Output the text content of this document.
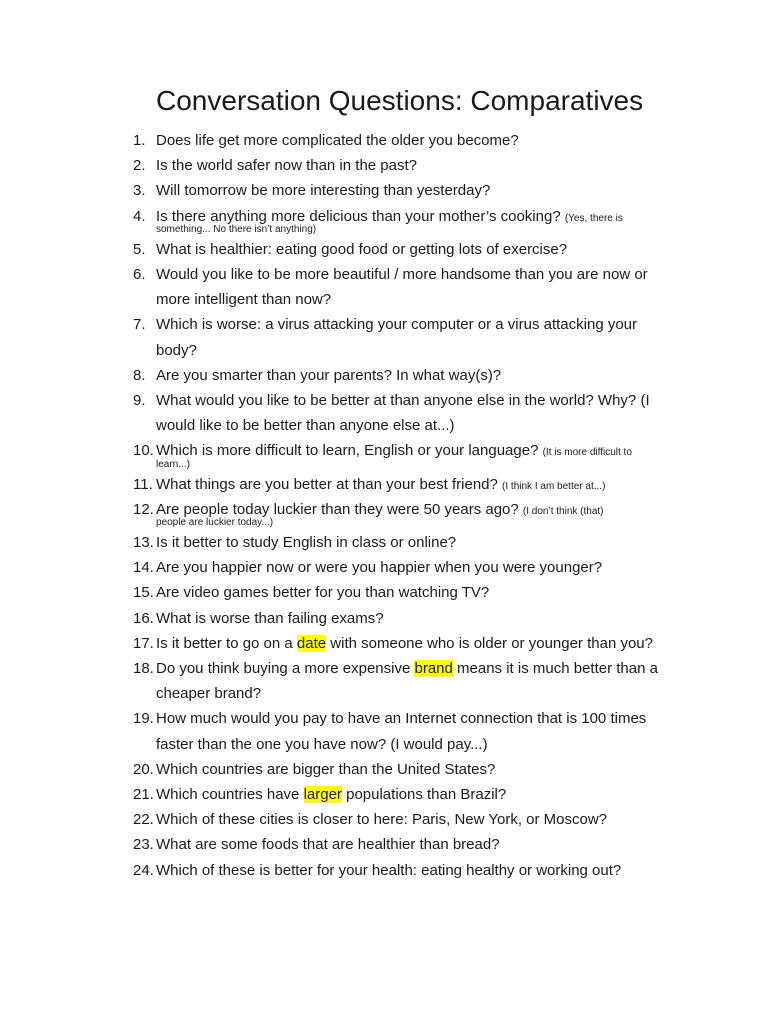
Conversation Questions: Comparatives
1. Does life get more complicated the older you become?
2. Is the world safer now than in the past?
3. Will tomorrow be more interesting than yesterday?
4. Is there anything more delicious than your mother’s cooking? (Yes, there is
something... No there isn’t anything)
5. What is healthier: eating good food or getting lots of exercise?
6. Would you like to be more beautiful / more handsome than you are now or more intelligent than now?
7. Which is worse: a virus attacking your computer or a virus attacking your body?
8. Are you smarter than your parents? In what way(s)?
9. What would you like to be better at than anyone else in the world? Why? (I would like to be better than anyone else at...)
10. Which is more difficult to learn, English or your language? (It is more difficult to
learn...)
11. What things are you better at than your best friend? (I think I am better at...)
12. Are people today luckier than they were 50 years ago? (I don’t think (that)
people are luckier today...)
13. Is it better to study English in class or online?
14. Are you happier now or were you happier when you were younger?
15. Are video games better for you than watching TV?
16. What is worse than failing exams?
17. Is it better to go on a date with someone who is older or younger than you?
18. Do you think buying a more expensive brand means it is much better than a cheaper brand?
19. How much would you pay to have an Internet connection that is 100 times faster than the one you have now? (I would pay...)
20. Which countries are bigger than the United States?
21. Which countries have larger populations than Brazil?
22. Which of these cities is closer to here: Paris, New York, or Moscow?
23. What are some foods that are healthier than bread?
24. Which of these is better for your health: eating healthy or working out?
